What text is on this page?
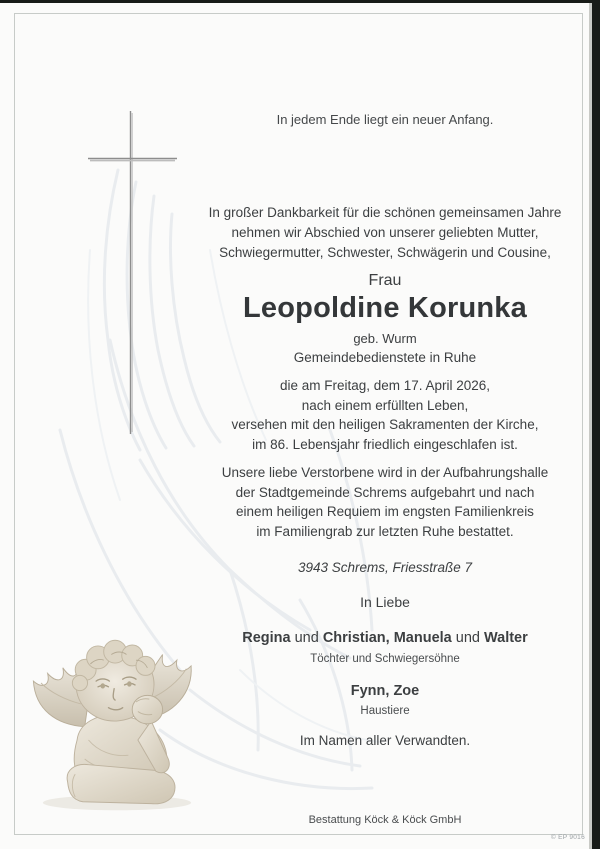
In jedem Ende liegt ein neuer Anfang.
In großer Dankbarkeit für die schönen gemeinsamen Jahre
nehmen wir Abschied von unserer geliebten Mutter,
Schwiegermutter, Schwester, Schwägerin und Cousine,
Frau
Leopoldine Korunka
geb. Wurm
Gemeindebedienstete in Ruhe
die am Freitag, dem 17. April 2026,
nach einem erfüllten Leben,
versehen mit den heiligen Sakramenten der Kirche,
im 86. Lebensjahr friedlich eingeschlafen ist.
Unsere liebe Verstorbene wird in der Aufbahrungshalle
der Stadtgemeinde Schrems aufgebahrt und nach
einem heiligen Requiem im engsten Familienkreis
im Familiengrab zur letzten Ruhe bestattet.
3943 Schrems, Friesstraße 7
In Liebe
Regina und Christian, Manuela und Walter
Töchter und Schwiegersöhne
Fynn, Zoe
Haustiere
Im Namen aller Verwandten.
Bestattung Köck & Köck GmbH
© EP 9016
